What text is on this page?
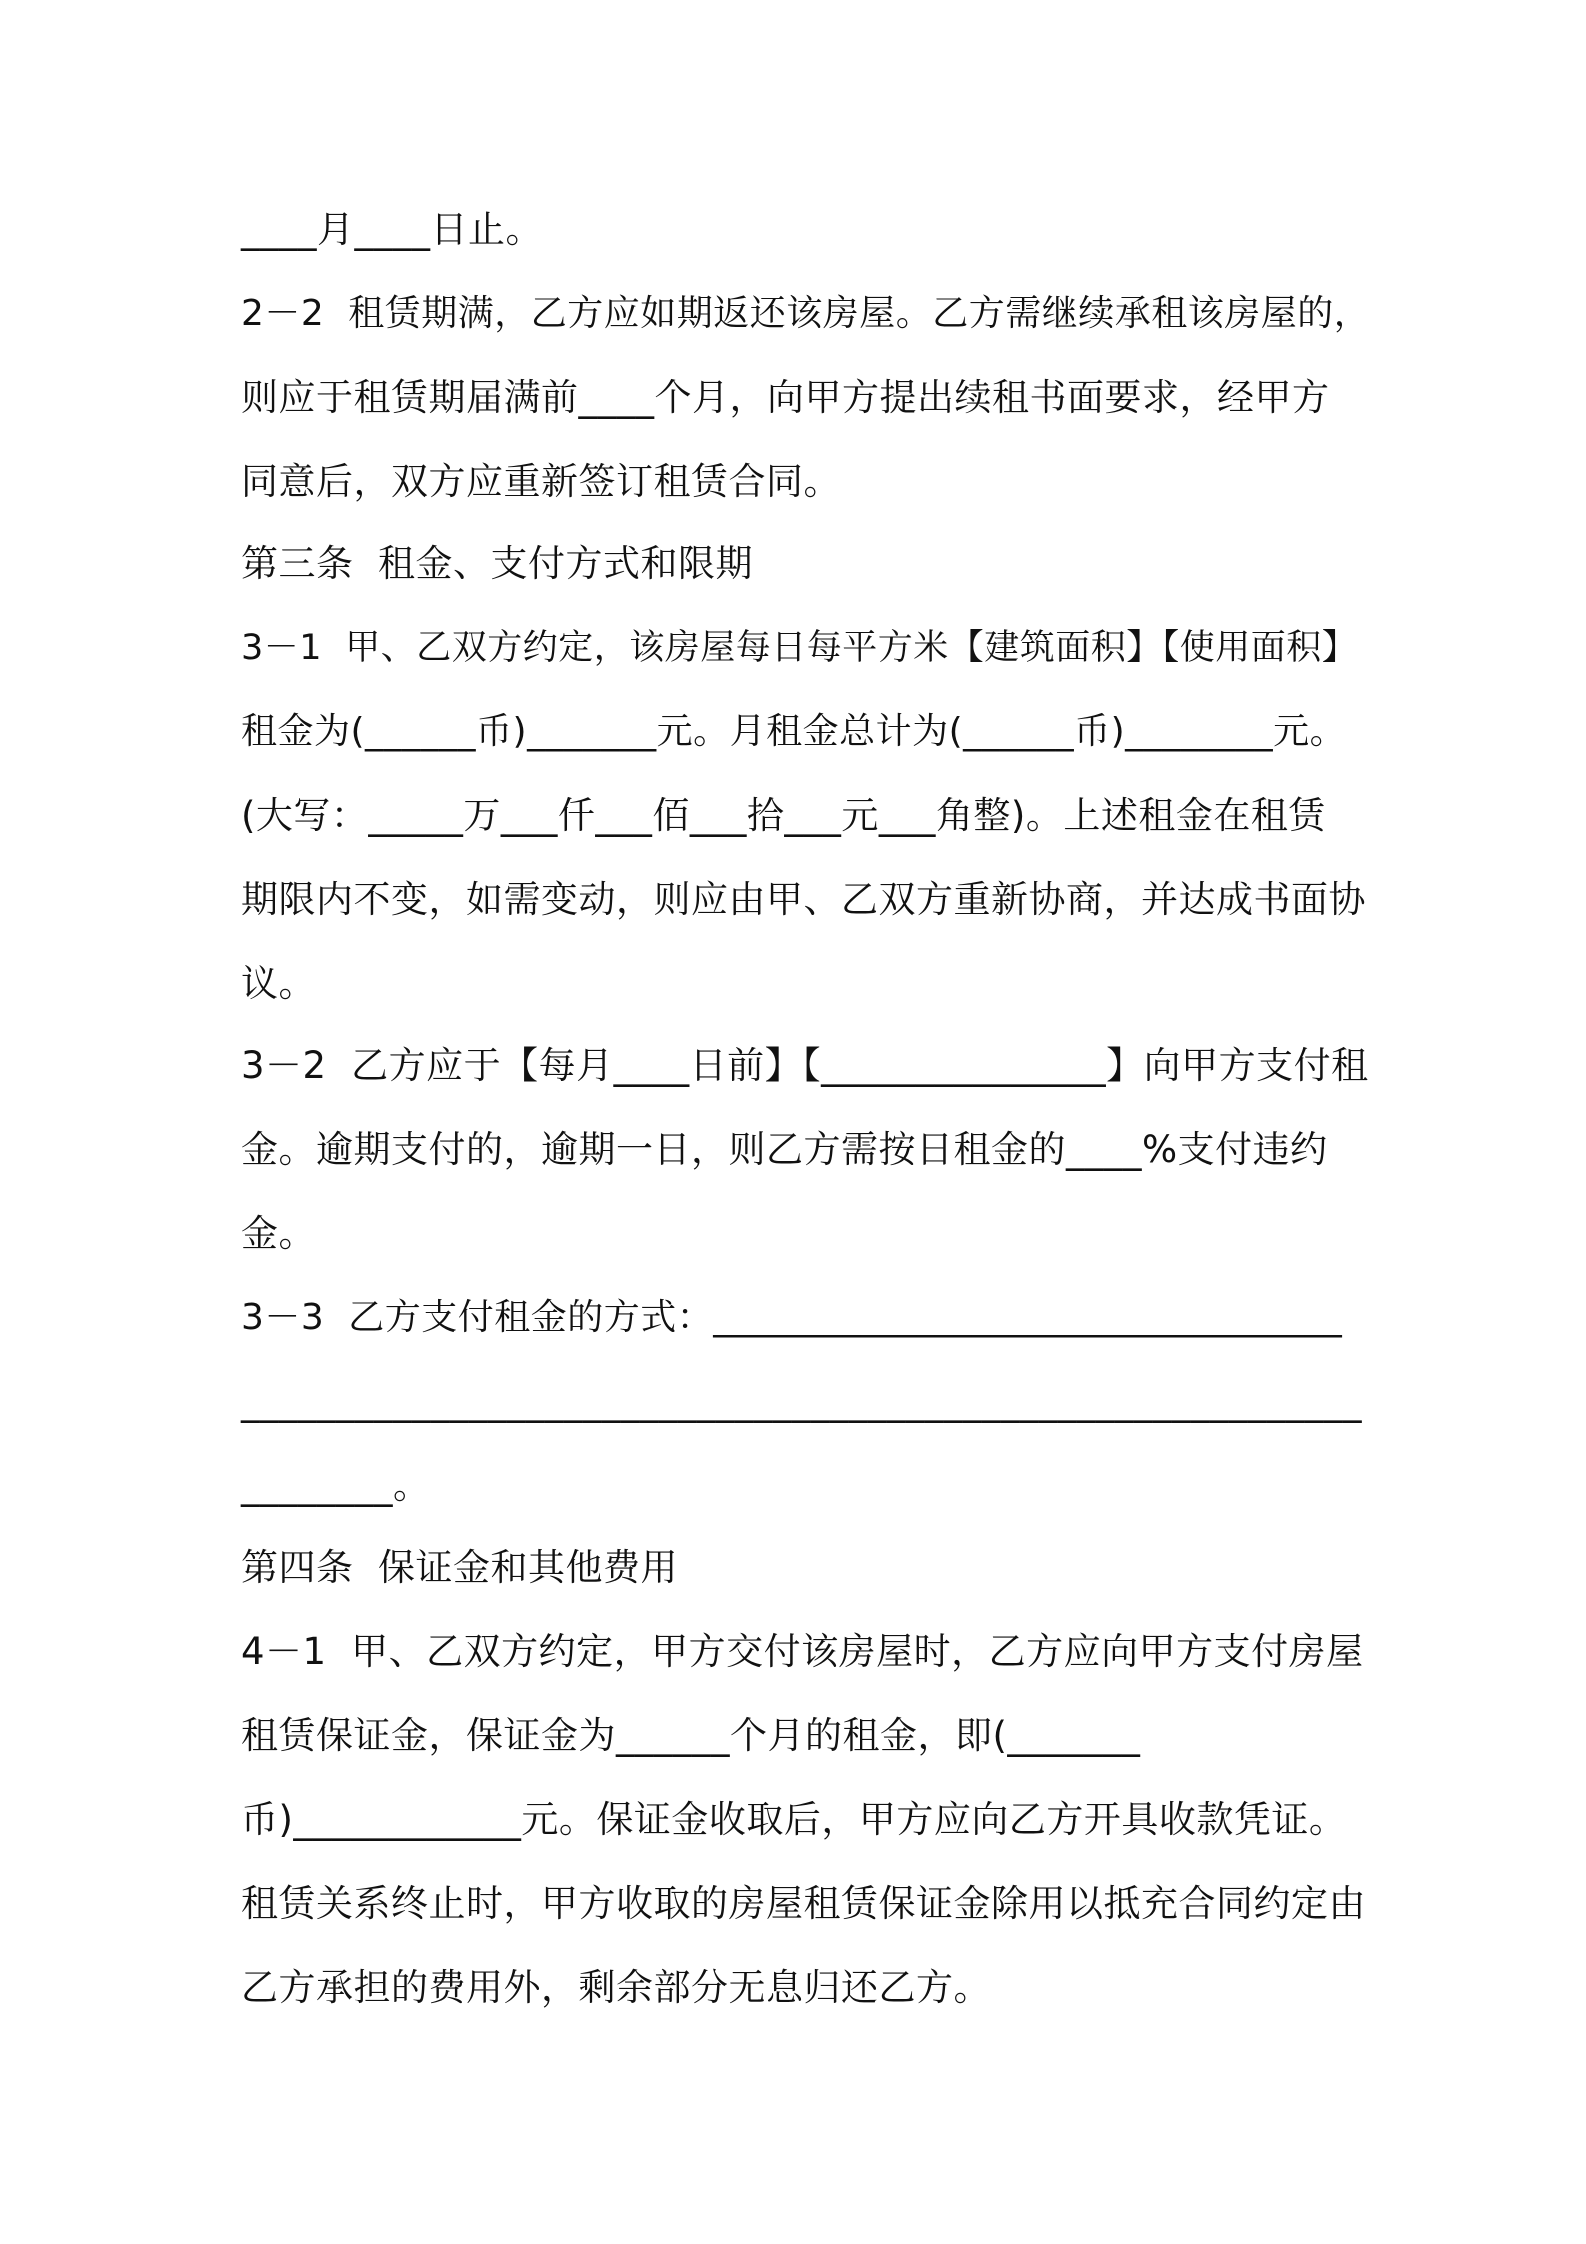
____月____日止。
2－2  租赁期满，乙方应如期返还该房屋。乙方需继续承租该房屋的，
则应于租赁期届满前____个月，向甲方提出续租书面要求，经甲方
同意后，双方应重新签订租赁合同。
第三条  租金、支付方式和限期
3－1  甲、乙双方约定，该房屋每日每平方米【建筑面积】【使用面积】
租金为(______币)_______元。月租金总计为(______币)________元。
(大写：_____万___仟___佰___拾___元___角整)。上述租金在租赁
期限内不变，如需变动，则应由甲、乙双方重新协商，并达成书面协
议。
3－2  乙方应于【每月____日前】【_______________】向甲方支付租
金。逾期支付的，逾期一日，则乙方需按日租金的____%支付违约
金。
3－3  乙方支付租金的方式：__________________________________
___________________________________________________________
________。
第四条  保证金和其他费用
4－1  甲、乙双方约定，甲方交付该房屋时，乙方应向甲方支付房屋
租赁保证金，保证金为______个月的租金，即(_______
币)____________元。保证金收取后，甲方应向乙方开具收款凭证。
租赁关系终止时，甲方收取的房屋租赁保证金除用以抵充合同约定由
乙方承担的费用外，剩余部分无息归还乙方。
